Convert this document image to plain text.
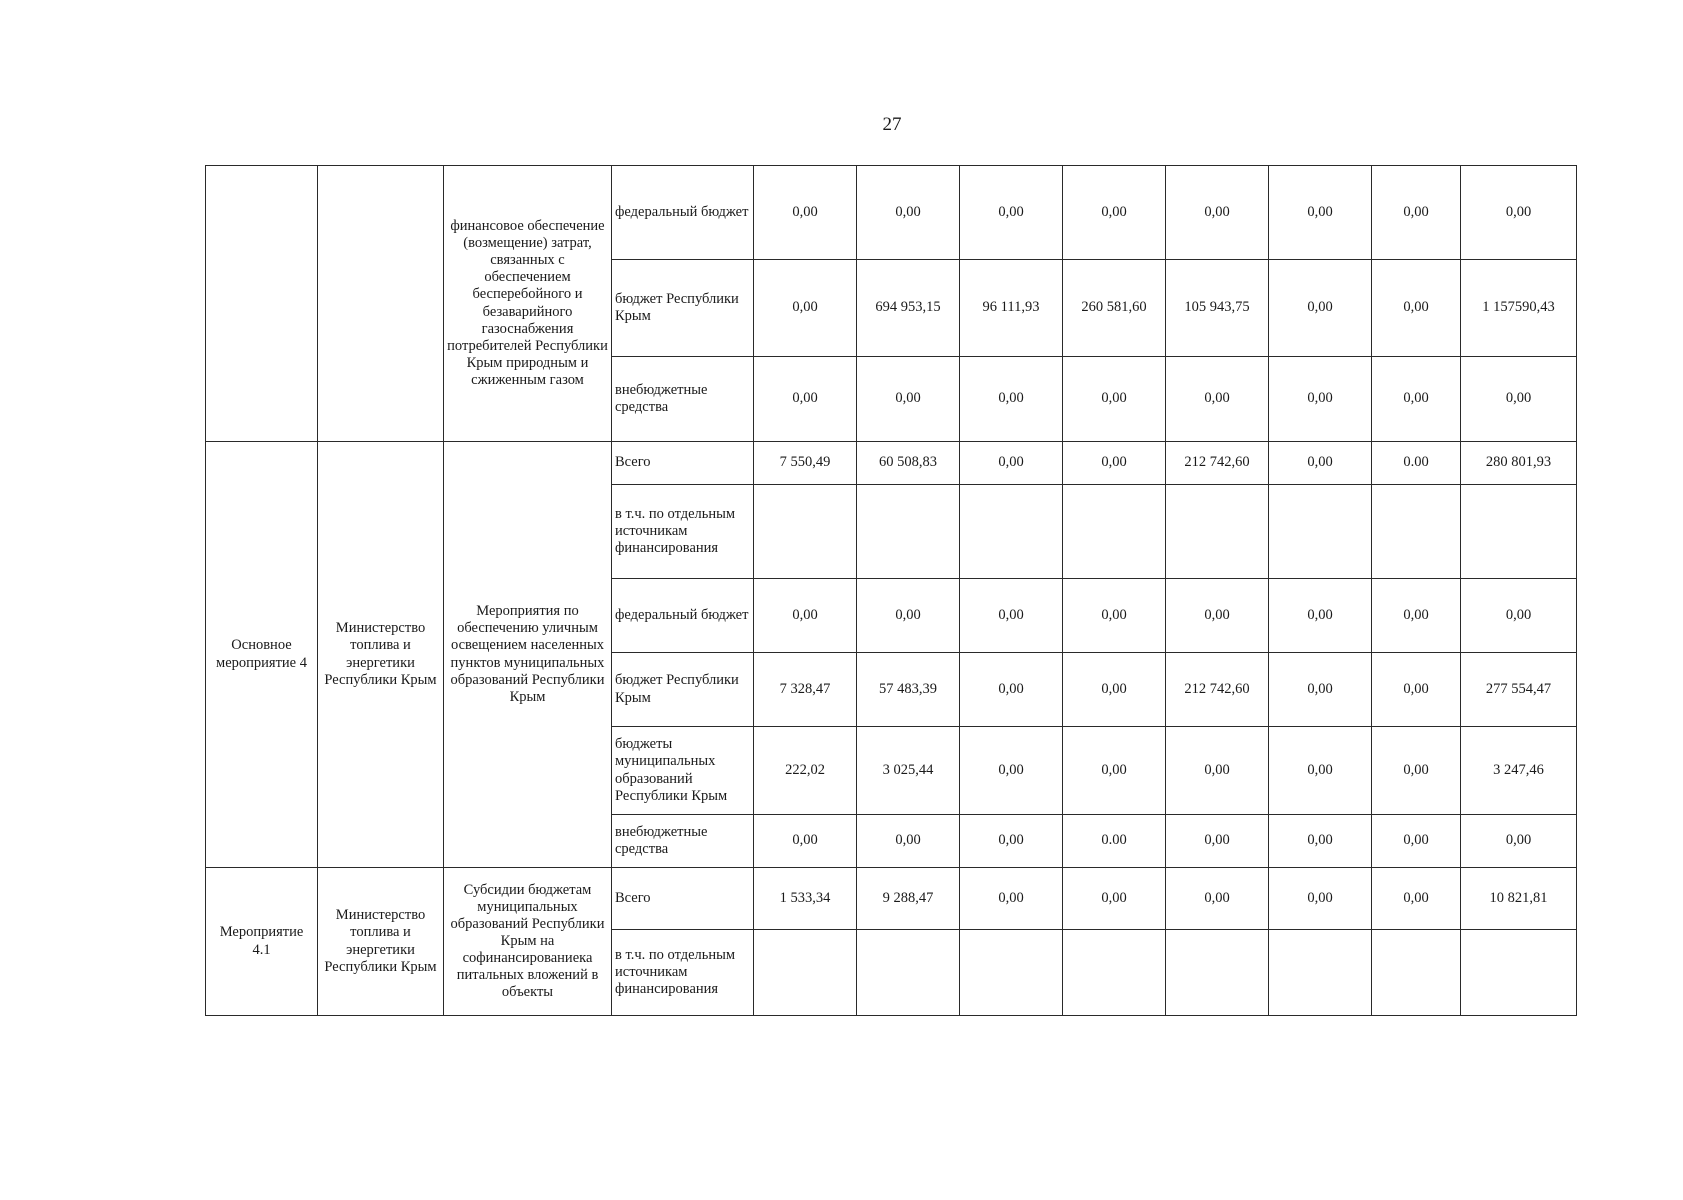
27
		финансовое обеспечение (возмещение) затрат, связанных с обеспечением бесперебойного и безаварийного газоснабжения потребителей Республики Крым природным и сжиженным газом	федеральный бюджет	0,00	0,00	0,00	0,00	0,00	0,00	0,00	0,00
			бюджет Республики Крым	0,00	694 953,15	96 111,93	260 581,60	105 943,75	0,00	0,00	1 157590,43
			внебюджетные средства	0,00	0,00	0,00	0,00	0,00	0,00	0,00	0,00
Основное мероприятие 4	Министерство топлива и энергетики Республики Крым	Мероприятия по обеспечению уличным освещением населенных пунктов муниципальных образований Республики Крым	Всего	7 550,49	60 508,83	0,00	0,00	212 742,60	0,00	0.00	280 801,93
			в т.ч. по отдельным источникам финансирования								
			федеральный бюджет	0,00	0,00	0,00	0,00	0,00	0,00	0,00	0,00
			бюджет Республики Крым	7 328,47	57 483,39	0,00	0,00	212 742,60	0,00	0,00	277 554,47
			бюджеты муниципальных образований Республики Крым	222,02	3 025,44	0,00	0,00	0,00	0,00	0,00	3 247,46
			внебюджетные средства	0,00	0,00	0,00	0.00	0,00	0,00	0,00	0,00
Мероприятие 4.1	Министерство топлива и энергетики Республики Крым	Субсидии бюджетам муниципальных образований Республики Крым на софинансированиека питальных вложений в объекты	Всего	1 533,34	9 288,47	0,00	0,00	0,00	0,00	0,00	10 821,81
			в т.ч. по отдельным источникам финансирования								
